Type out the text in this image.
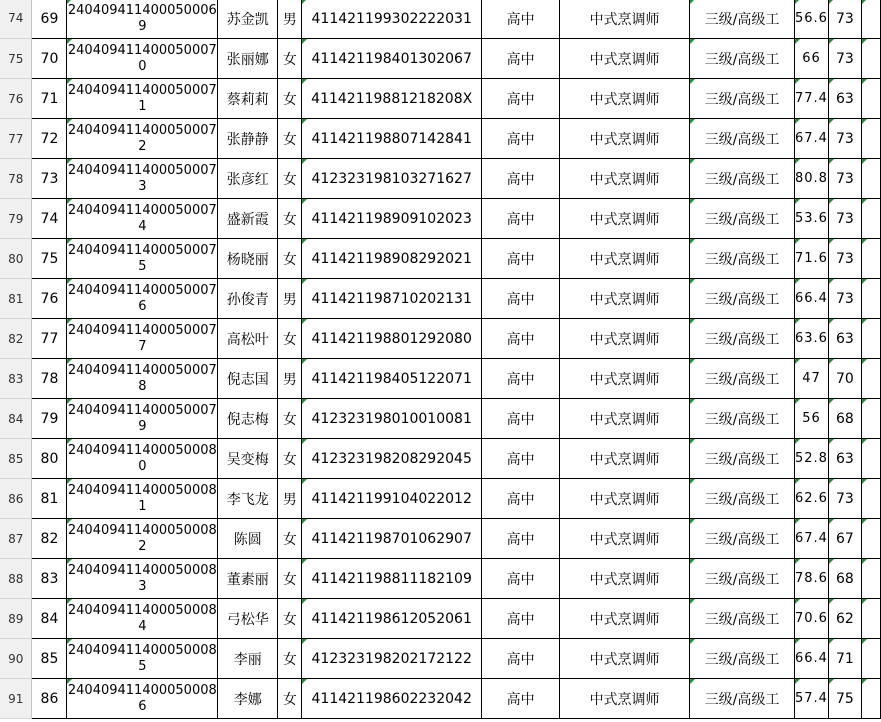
74	69	2404094114000500069	苏金凯	男	411421199302222031	高中	中式烹调师	三级/高级工	56.6	73	
75	70	2404094114000500070	张丽娜	女	411421198401302067	高中	中式烹调师	三级/高级工	66	73	
76	71	2404094114000500071	蔡莉莉	女	41142119881218208X	高中	中式烹调师	三级/高级工	77.4	63	
77	72	2404094114000500072	张静静	女	411421198807142841	高中	中式烹调师	三级/高级工	67.4	73	
78	73	2404094114000500073	张彦红	女	412323198103271627	高中	中式烹调师	三级/高级工	80.8	73	
79	74	2404094114000500074	盛新霞	女	411421198909102023	高中	中式烹调师	三级/高级工	53.6	73	
80	75	2404094114000500075	杨晓丽	女	411421198908292021	高中	中式烹调师	三级/高级工	71.6	73	
81	76	2404094114000500076	孙俊青	男	411421198710202131	高中	中式烹调师	三级/高级工	66.4	73	
82	77	2404094114000500077	高松叶	女	411421198801292080	高中	中式烹调师	三级/高级工	63.6	63	
83	78	2404094114000500078	倪志国	男	411421198405122071	高中	中式烹调师	三级/高级工	47	70	
84	79	2404094114000500079	倪志梅	女	412323198010010081	高中	中式烹调师	三级/高级工	56	68	
85	80	2404094114000500080	吴变梅	女	412323198208292045	高中	中式烹调师	三级/高级工	52.8	63	
86	81	2404094114000500081	李飞龙	男	411421199104022012	高中	中式烹调师	三级/高级工	62.6	73	
87	82	2404094114000500082	陈圆	女	411421198701062907	高中	中式烹调师	三级/高级工	67.4	67	
88	83	2404094114000500083	董素丽	女	411421198811182109	高中	中式烹调师	三级/高级工	78.6	68	
89	84	2404094114000500084	弓松华	女	411421198612052061	高中	中式烹调师	三级/高级工	70.6	62	
90	85	2404094114000500085	李丽	女	412323198202172122	高中	中式烹调师	三级/高级工	66.4	71	
91	86	2404094114000500086	李娜	女	411421198602232042	高中	中式烹调师	三级/高级工	57.4	75	
